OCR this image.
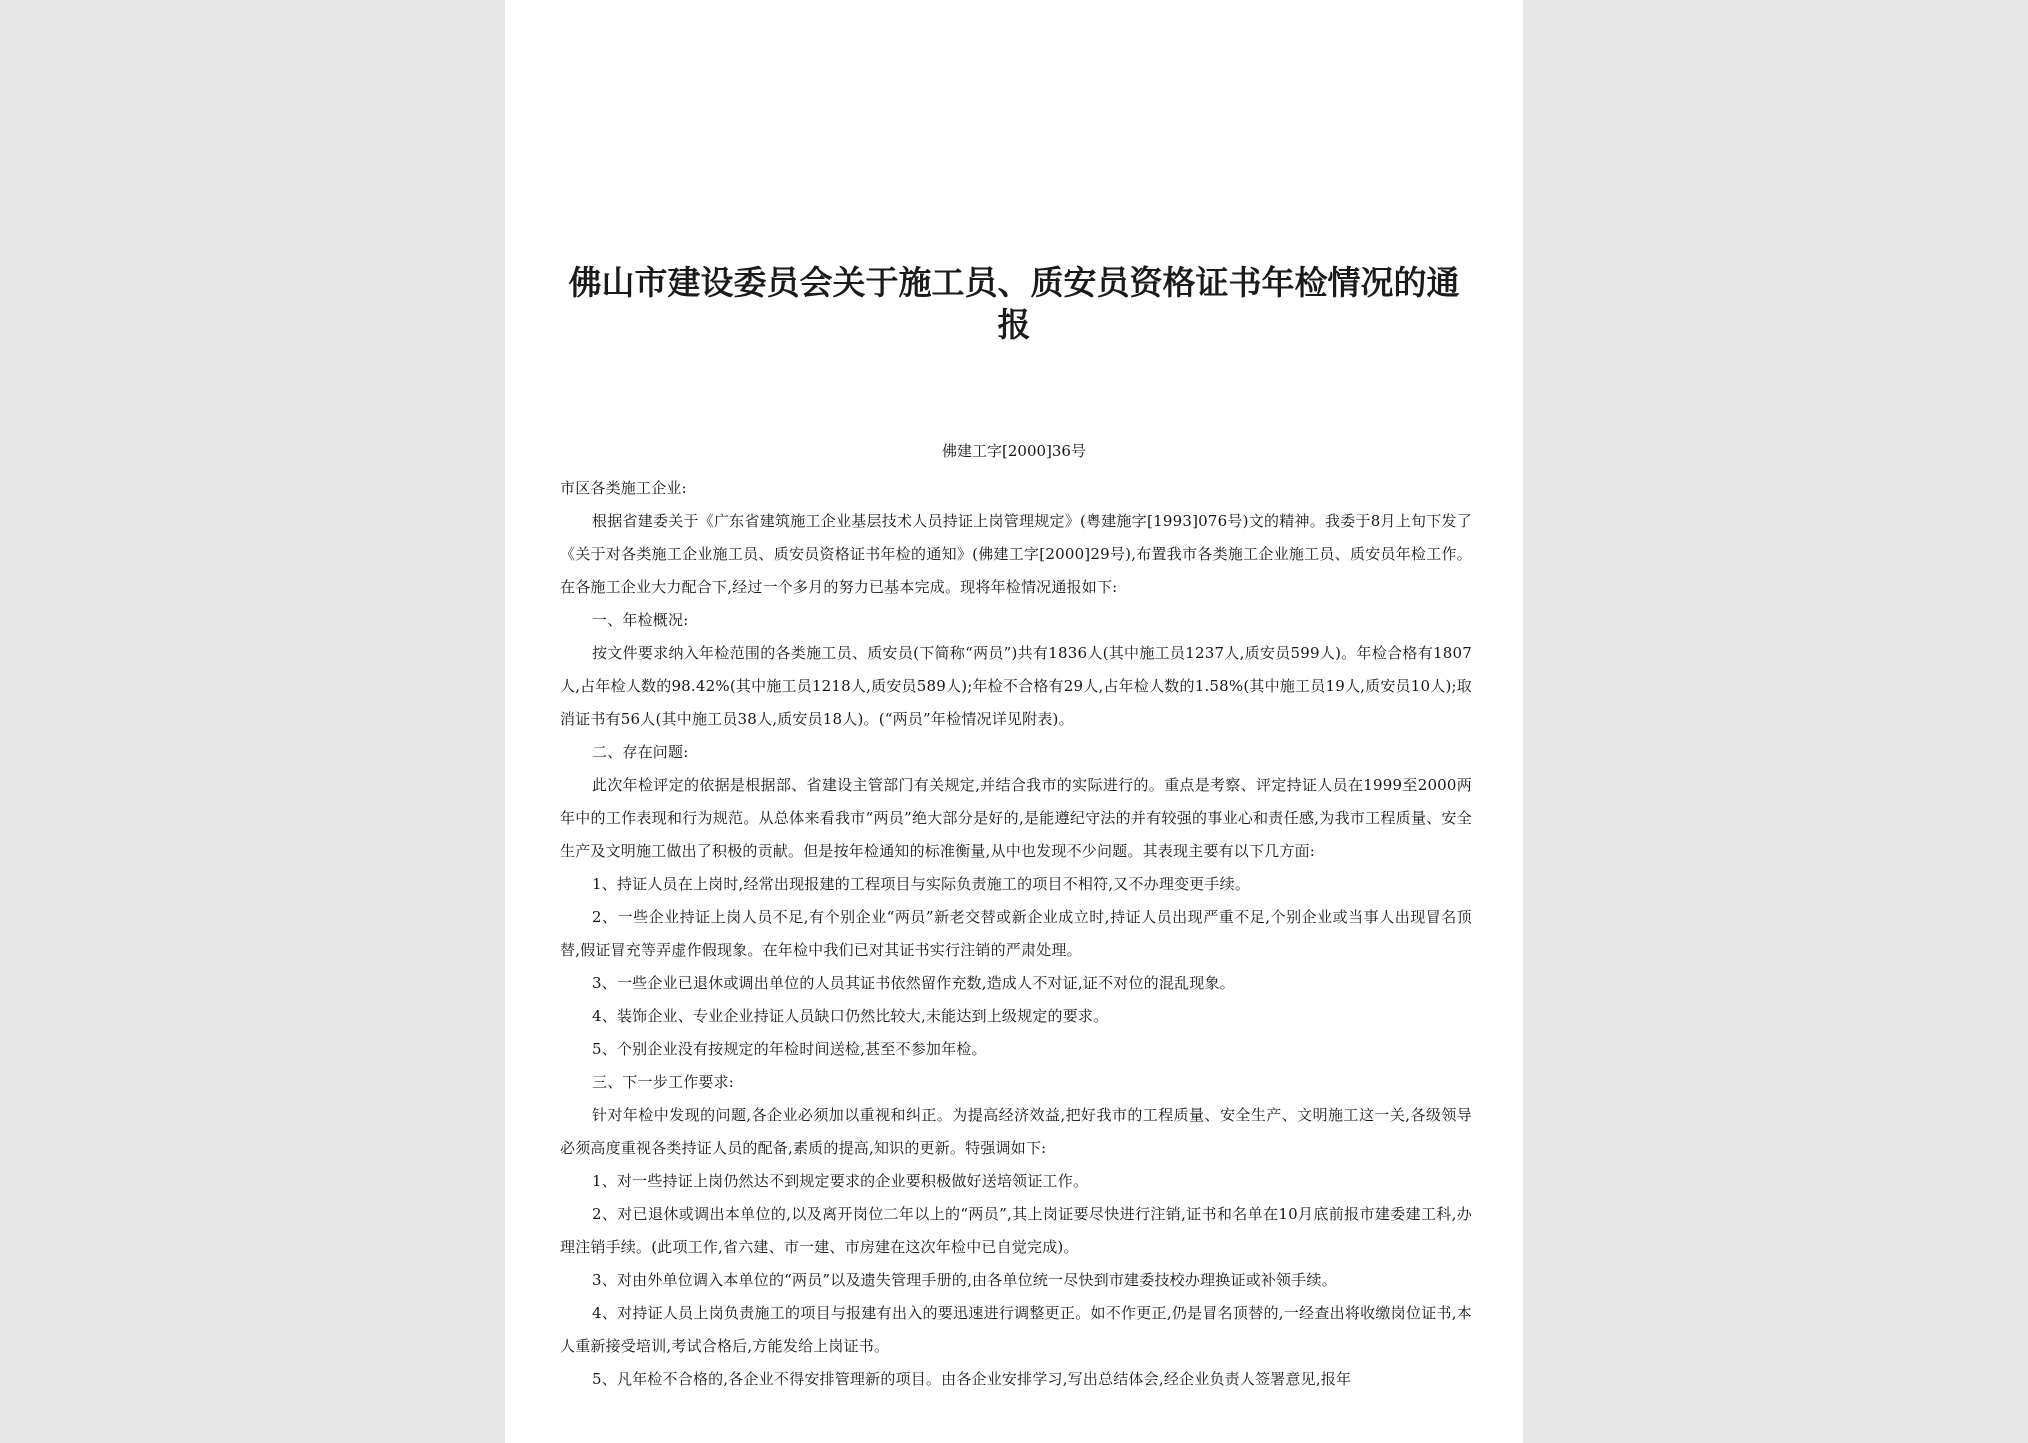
佛山市建设委员会关于施工员、质安员资格证书年检情况的通报
佛建工字[2000]36号

市区各类施工企业:

根据省建委关于《广东省建筑施工企业基层技术人员持证上岗管理规定》(粤建施字[1993]076号)文的精神。我委于8月上旬下发了《关于对各类施工企业施工员、质安员资格证书年检的通知》(佛建工字[2000]29号),布置我市各类施工企业施工员、质安员年检工作。在各施工企业大力配合下,经过一个多月的努力已基本完成。现将年检情况通报如下:

一、年检概况:

按文件要求纳入年检范围的各类施工员、质安员(下简称“两员”)共有1836人(其中施工员1237人,质安员599人)。年检合格有1807人,占年检人数的98.42%(其中施工员1218人,质安员589人);年检不合格有29人,占年检人数的1.58%(其中施工员19人,质安员10人);取消证书有56人(其中施工员38人,质安员18人)。(“两员”年检情况详见附表)。

二、存在问题:

此次年检评定的依据是根据部、省建设主管部门有关规定,并结合我市的实际进行的。重点是考察、评定持证人员在1999至2000两年中的工作表现和行为规范。从总体来看我市“两员”绝大部分是好的,是能遵纪守法的并有较强的事业心和责任感,为我市工程质量、安全生产及文明施工做出了积极的贡献。但是按年检通知的标准衡量,从中也发现不少问题。其表现主要有以下几方面:

1、持证人员在上岗时,经常出现报建的工程项目与实际负责施工的项目不相符,又不办理变更手续。

2、一些企业持证上岗人员不足,有个别企业“两员”新老交替或新企业成立时,持证人员出现严重不足,个别企业或当事人出现冒名顶替,假证冒充等弄虚作假现象。在年检中我们已对其证书实行注销的严肃处理。

3、一些企业已退休或调出单位的人员其证书依然留作充数,造成人不对证,证不对位的混乱现象。

4、装饰企业、专业企业持证人员缺口仍然比较大,未能达到上级规定的要求。

5、个别企业没有按规定的年检时间送检,甚至不参加年检。

三、下一步工作要求:

针对年检中发现的问题,各企业必须加以重视和纠正。为提高经济效益,把好我市的工程质量、安全生产、文明施工这一关,各级领导必须高度重视各类持证人员的配备,素质的提高,知识的更新。特强调如下:

1、对一些持证上岗仍然达不到规定要求的企业要积极做好送培领证工作。

2、对已退休或调出本单位的,以及离开岗位二年以上的“两员”,其上岗证要尽快进行注销,证书和名单在10月底前报市建委建工科,办理注销手续。(此项工作,省六建、市一建、市房建在这次年检中已自觉完成)。

3、对由外单位调入本单位的“两员”以及遗失管理手册的,由各单位统一尽快到市建委技校办理换证或补领手续。

4、对持证人员上岗负责施工的项目与报建有出入的要迅速进行调整更正。如不作更正,仍是冒名顶替的,一经查出将收缴岗位证书,本人重新接受培训,考试合格后,方能发给上岗证书。

5、凡年检不合格的,各企业不得安排管理新的项目。由各企业安排学习,写出总结体会,经企业负责人签署意见,报年
